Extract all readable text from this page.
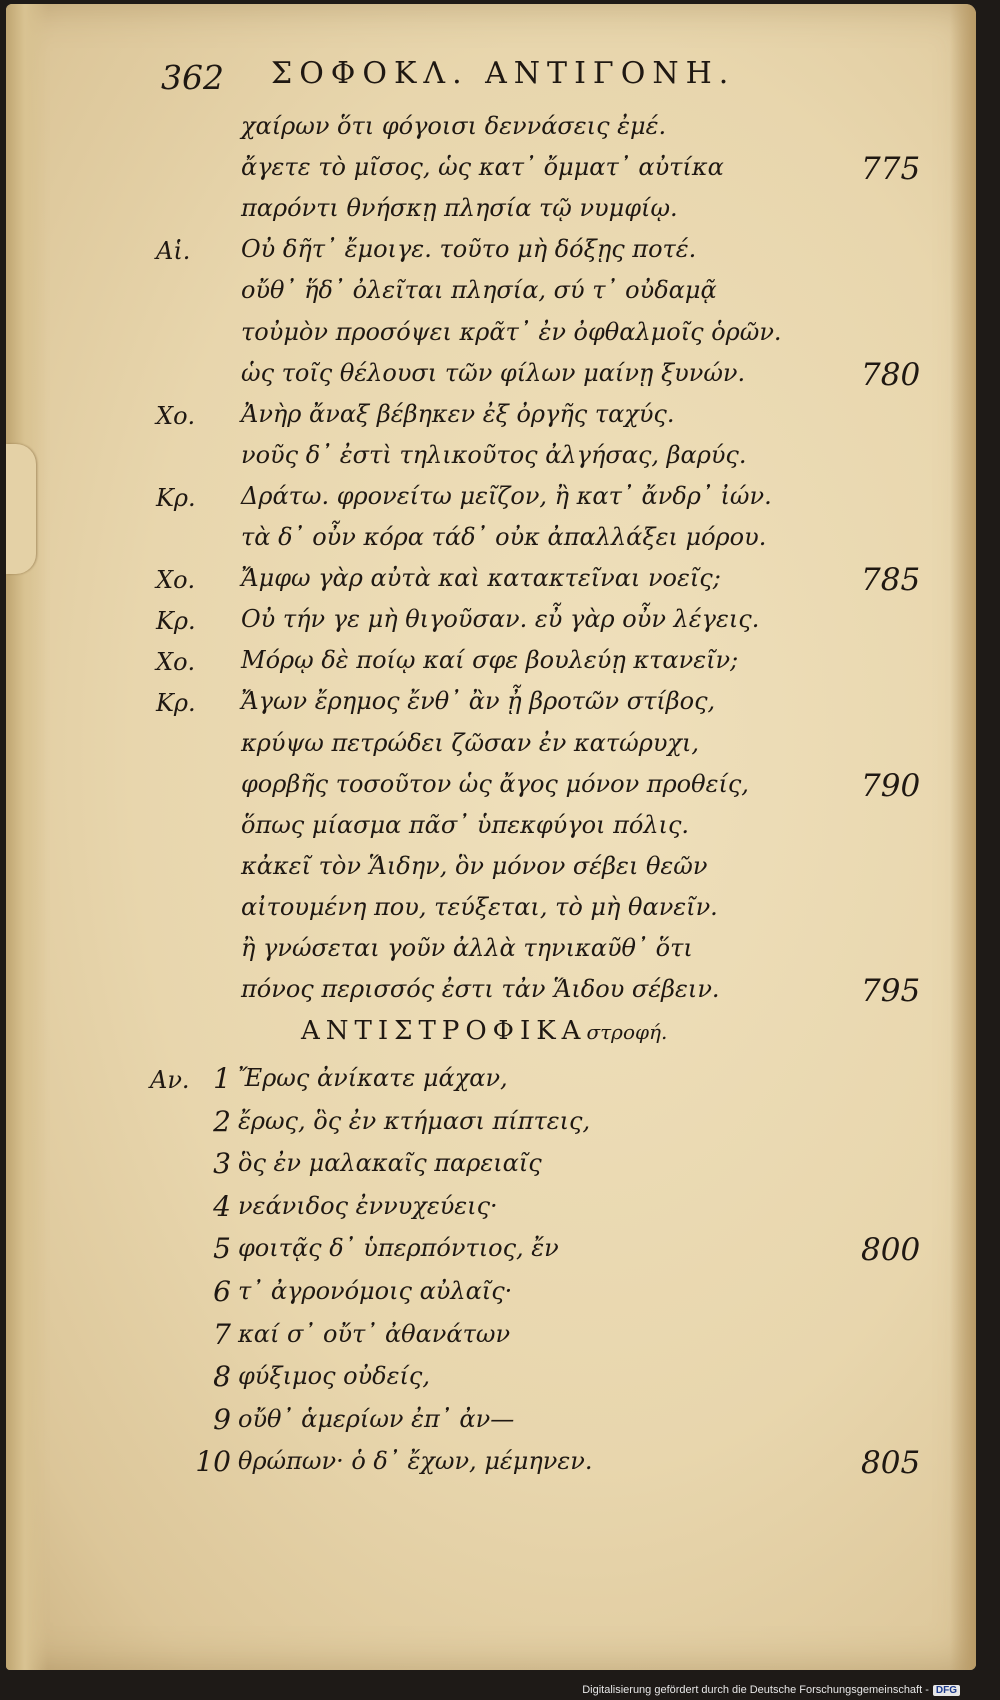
362 ΣΟΦΟΚΛ. ΑΝΤΙΓΟΝΗ.
χαίρων ὅτι φόγοισι δεννάσεις ἐμέ.
ἄγετε τὸ μῖσος, ὡς κατ᾽ ὄμματ᾽ αὐτίκα	775
παρόντι θνήσκῃ πλησία τῷ νυμφίῳ.
Αἱ. Οὐ δῆτ᾽ ἔμοιγε. τοῦτο μὴ δόξῃς ποτέ.
οὔθ᾽ ἥδ᾽ ὀλεῖται πλησία, σύ τ᾽ οὐδαμᾷ
τοὐμὸν προσόψει κρᾶτ᾽ ἐν ὀφθαλμοῖς ὁρῶν.
ὡς τοῖς θέλουσι τῶν φίλων μαίνῃ ξυνών.	780
Χο. Ἀνὴρ ἄναξ βέβηκεν ἐξ ὀργῆς ταχύς.
νοῦς δ᾽ ἐστὶ τηλικοῦτος ἀλγήσας, βαρύς.
Κρ. Δράτω. φρονείτω μεῖζον, ἢ κατ᾽ ἄνδρ᾽ ἰών.
τὰ δ᾽ οὖν κόρα τάδ᾽ οὐκ ἀπαλλάξει μόρου.
Χο. Ἄμφω γὰρ αὐτὰ καὶ κατακτεῖναι νοεῖς;	785
Κρ. Οὐ τήν γε μὴ θιγοῦσαν. εὖ γὰρ οὖν λέγεις.
Χο. Μόρῳ δὲ ποίῳ καί σφε βουλεύῃ κτανεῖν;
Κρ. Ἄγων ἔρημος ἔνθ᾽ ἂν ᾖ βροτῶν στίβος,
κρύψω πετρώδει ζῶσαν ἐν κατώρυχι,
φορβῆς τοσοῦτον ὡς ἄγος μόνον προθείς,	790
ὅπως μίασμα πᾶσ᾽ ὑπεκφύγοι πόλις.
κἀκεῖ τὸν Ἅιδην, ὃν μόνον σέβει θεῶν
αἰτουμένη που, τεύξεται, τὸ μὴ θανεῖν.
ἢ γνώσεται γοῦν ἀλλὰ τηνικαῦθ᾽ ὅτι
πόνος περισσός ἐστι τἀν Ἅιδου σέβειν.	795
ΑΝΤΙΣΤΡΟΦΙΚΑστροφή.
Αν. 1 Ἔρως ἀνίκατε μάχαν,
2 ἔρως, ὃς ἐν κτήμασι πίπτεις,
3 ὃς ἐν μαλακαῖς παρειαῖς
4 νεάνιδος ἐννυχεύεις·
5 φοιτᾷς δ᾽ ὑπερπόντιος, ἔν	800
6 τ᾽ ἀγρονόμοις αὐλαῖς·
7 καί σ᾽ οὔτ᾽ ἀθανάτων
8 φύξιμος οὐδείς,
9 οὔθ᾽ ἁμερίων ἐπ᾽ ἀν—
10 θρώπων· ὁ δ᾽ ἔχων, μέμηνεν.	805
Digitalisierung gefördert durch die Deutsche Forschungsgemeinschaft - DFG
